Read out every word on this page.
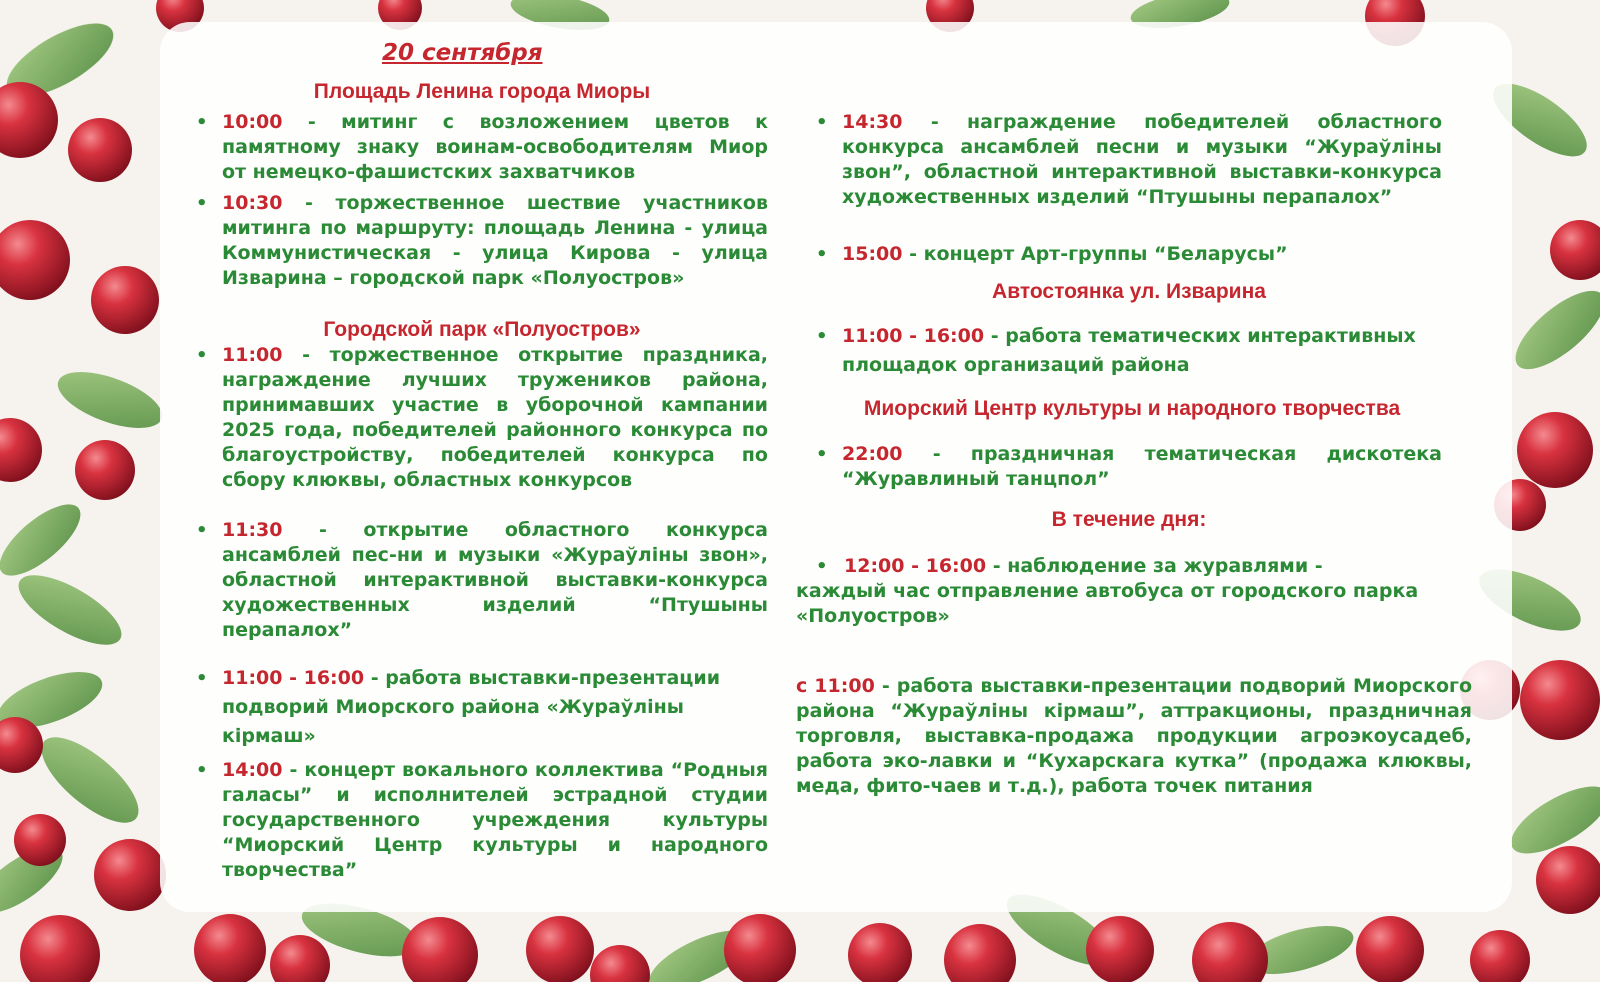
20 сентября
Площадь Ленина города Миоры
• 10:00 - митинг с возложением цветов к памятному знаку воинам-освободителям Миор от немецко-фашистских захватчиков
• 10:30 - торжественное шествие участников митинга по маршруту: площадь Ленина - улица Коммунистическая - улица Кирова - улица Изварина – городской парк «Полуостров»
Городской парк «Полуостров»
• 11:00 - торжественное открытие праздника, награждение лучших тружеников района, принимавших участие в уборочной кампании 2025 года, победителей районного конкурса по благоустройству, победителей конкурса по сбору клюквы, областных конкурсов
• 11:30 - открытие областного конкурса ансамблей пес-ни и музыки «Жураўліны звон», областной интерактивной выставки-конкурса художественных изделий “Птушыны перапалох”
• 11:00 - 16:00 - работа выставки-презентации подворий Миорского района «Жураўліны кірмаш»
• 14:00 - концерт вокального коллектива “Родныя галасы” и исполнителей эстрадной студии государственного учреждения культуры “Миорский Центр культуры и народного творчества”
• 14:30 - награждение победителей областного конкурса ансамблей песни и музыки “Жураўліны звон”, областной интерактивной выставки-конкурса художественных изделий “Птушыны перапалох”
• 15:00 - концерт Арт-группы “Беларусы”
Автостоянка ул. Изварина
• 11:00 - 16:00 - работа тематических интерактивных площадок организаций района
Миорский Центр культуры и народного творчества
• 22:00 - праздничная тематическая дискотека “Журавлиный танцпол”
В течение дня:
• 12:00 - 16:00 - наблюдение за журавлями -
каждый час отправление автобуса от городского парка «Полуостров»
с 11:00 - работа выставки-презентации подворий Миорского района “Жураўліны кірмаш”, аттракционы, праздничная торговля, выставка-продажа продукции агроэкоусадеб, работа эко-лавки и “Кухарскага кутка” (продажа клюквы, меда, фито-чаев и т.д.), работа точек питания
